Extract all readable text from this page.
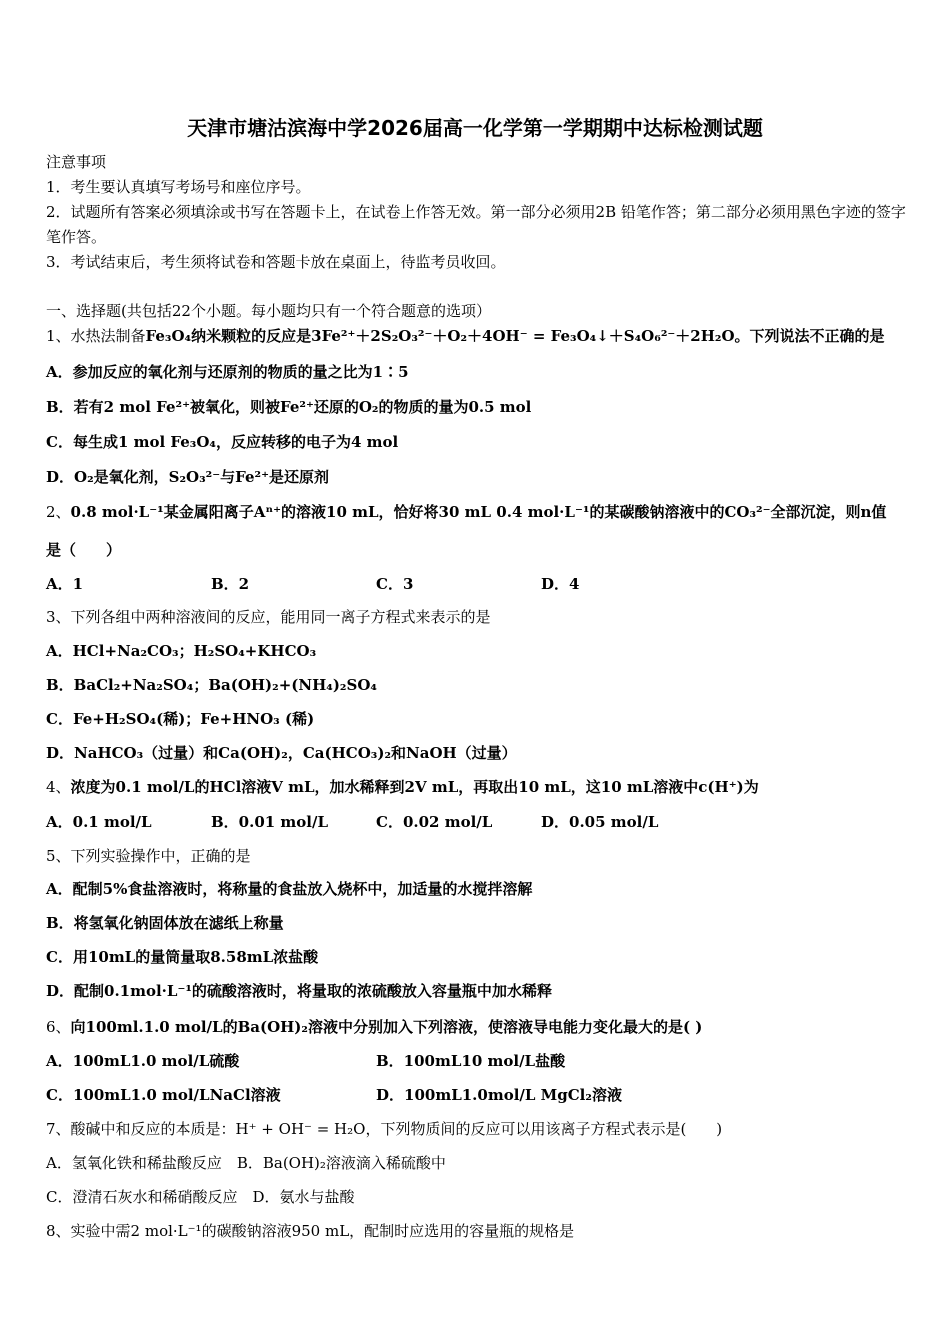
天津市塘沽滨海中学2026届高一化学第一学期期中达标检测试题
注意事项
1．考生要认真填写考场号和座位序号。
2．试题所有答案必须填涂或书写在答题卡上，在试卷上作答无效。第一部分必须用2B 铅笔作答；第二部分必须用黑色字迹的签字笔作答。
3．考试结束后，考生须将试卷和答题卡放在桌面上，待监考员收回。
一、选择题(共包括22个小题。每小题均只有一个符合题意的选项）
1、水热法制备Fe₃O₄纳米颗粒的反应是3Fe²⁺＋2S₂O₃²⁻＋O₂＋4OH⁻ = Fe₃O₄↓＋S₄O₆²⁻＋2H₂O。下列说法不正确的是
A．参加反应的氧化剂与还原剂的物质的量之比为1∶5
B．若有2 mol Fe²⁺被氧化，则被Fe²⁺还原的O₂的物质的量为0.5 mol
C．每生成1 mol Fe₃O₄，反应转移的电子为4 mol
D．O₂是氧化剂，S₂O₃²⁻与Fe²⁺是还原剂
2、0.8 mol·L⁻¹某金属阳离子Aⁿ⁺的溶液10 mL，恰好将30 mL 0.4 mol·L⁻¹的某碳酸钠溶液中的CO₃²⁻全部沉淀，则n值
是（　　）
A．1	B．2	C．3	D．4
3、下列各组中两种溶液间的反应，能用同一离子方程式来表示的是
A．HCl+Na₂CO₃；H₂SO₄+KHCO₃
B．BaCl₂+Na₂SO₄；Ba(OH)₂+(NH₄)₂SO₄
C．Fe+H₂SO₄(稀)；Fe+HNO₃ (稀)
D．NaHCO₃（过量）和Ca(OH)₂，Ca(HCO₃)₂和NaOH（过量）
4、浓度为0.1 mol/L的HCl溶液V mL，加水稀释到2V mL，再取出10 mL，这10 mL溶液中c(H⁺)为
A．0.1 mol/L	B．0.01 mol/L	C．0.02 mol/L	D．0.05 mol/L
5、下列实验操作中，正确的是
A．配制5%食盐溶液时，将称量的食盐放入烧杯中，加适量的水搅拌溶解
B．将氢氧化钠固体放在滤纸上称量
C．用10mL的量筒量取8.58mL浓盐酸
D．配制0.1mol·L⁻¹的硫酸溶液时，将量取的浓硫酸放入容量瓶中加水稀释
6、向100ml.1.0 mol/L的Ba(OH)₂溶液中分别加入下列溶液，使溶液导电能力变化最大的是( )
A．100mL1.0 mol/L硫酸	B．100mL10 mol/L盐酸
C．100mL1.0 mol/LNaCl溶液	D．100mL1.0mol/L MgCl₂溶液
7、酸碱中和反应的本质是：H⁺ + OH⁻ = H₂O，下列物质间的反应可以用该离子方程式表示是(　　)
A．氢氧化铁和稀盐酸反应　B．Ba(OH)₂溶液滴入稀硫酸中
C．澄清石灰水和稀硝酸反应　D．氨水与盐酸
8、实验中需2 mol·L⁻¹的碳酸钠溶液950 mL，配制时应选用的容量瓶的规格是
